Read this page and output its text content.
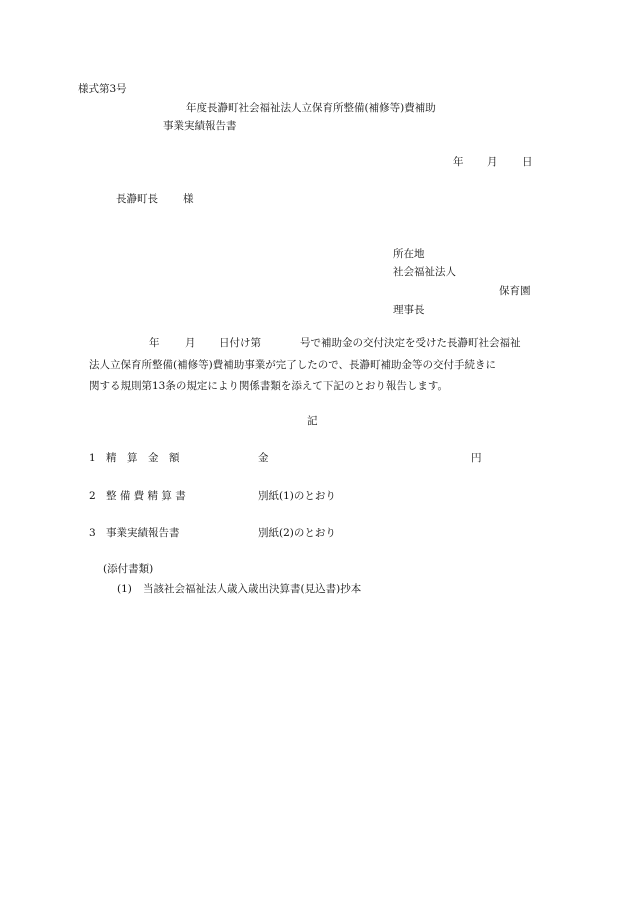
様式第3号
年度長瀞町社会福祉法人立保育所整備(補修等)費補助
事業実績報告書
年 月 日
長瀞町長 様
所在地
社会福祉法人
保育園
理事長
年 月 日付け第	号で補助金の交付決定を受けた長瀞町社会福祉
法人立保育所整備(補修等)費補助事業が完了したので、長瀞町補助金等の交付手続きに
関する規則第13条の規定により関係書類を添えて下記のとおり報告します。
記
1 精　算　金　額	金	円
2 整 備 費 精 算 書	別紙(1)のとおり
3 事業実績報告書	別紙(2)のとおり
(添付書類)
(1) 当該社会福祉法人歳入歳出決算書(見込書)抄本
